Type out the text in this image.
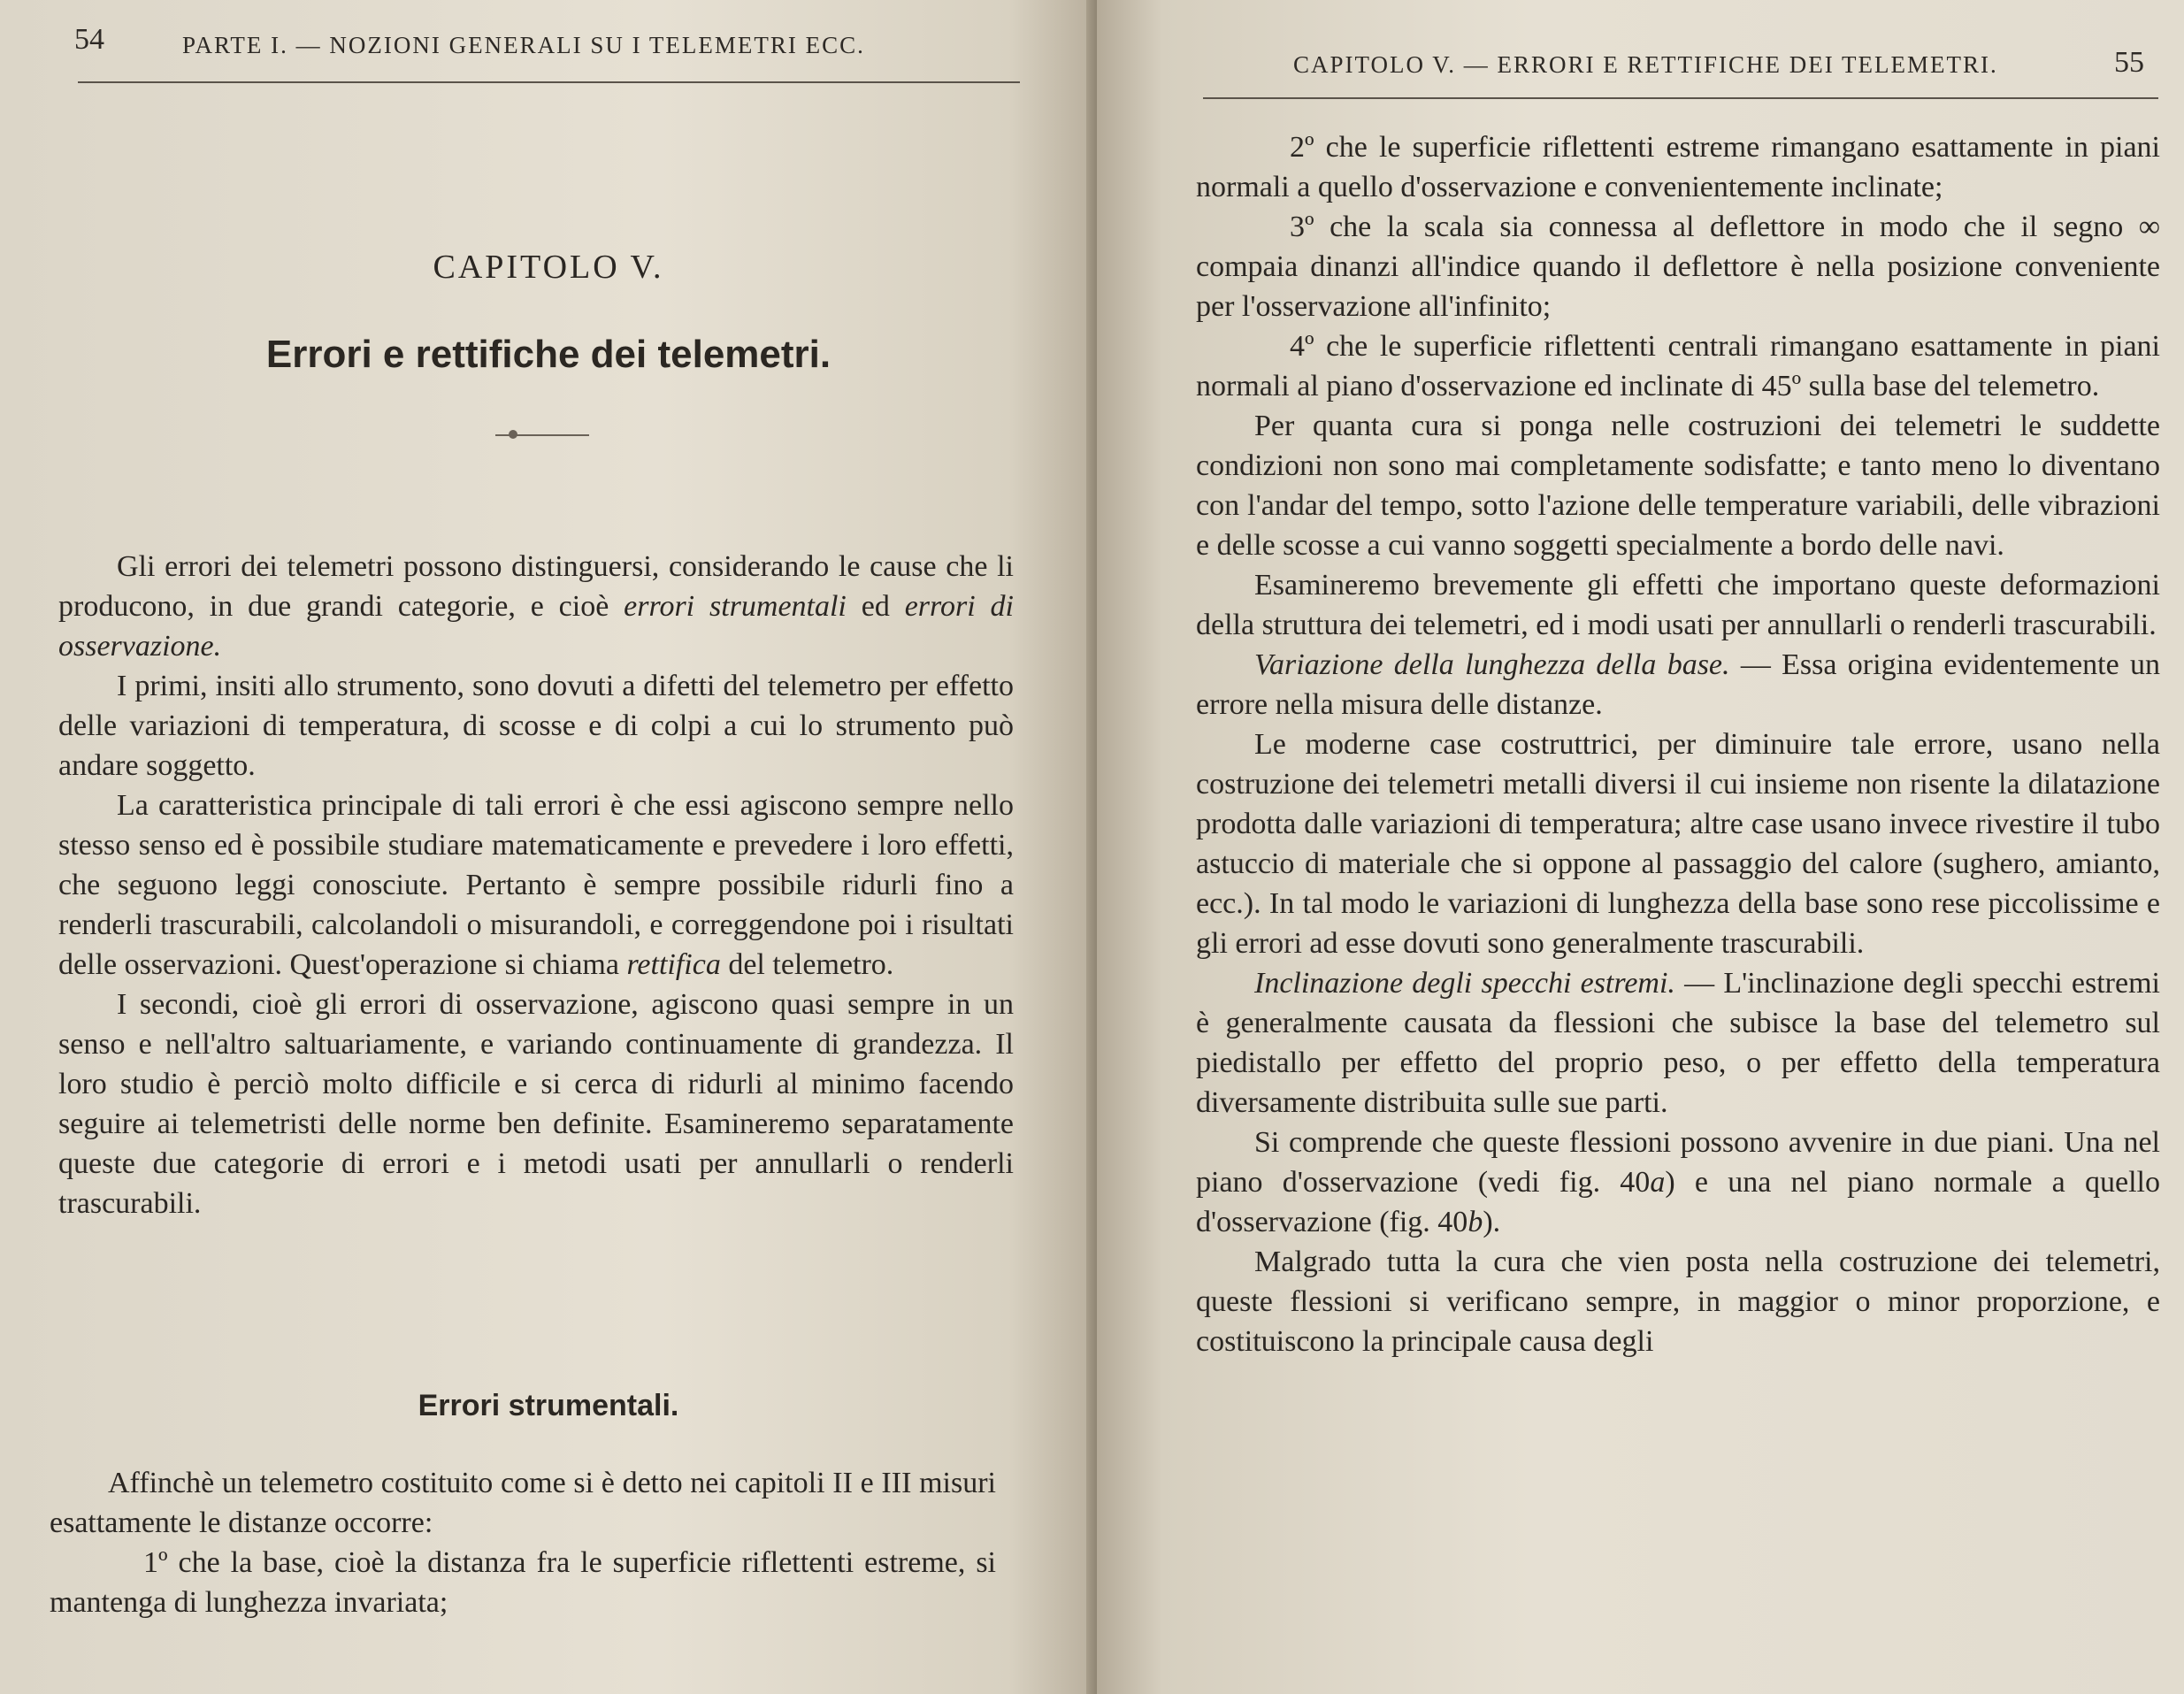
54	PARTE I. — NOZIONI GENERALI SU I TELEMETRI ECC.
CAPITOLO V.
Errori e rettifiche dei telemetri.

Gli errori dei telemetri possono distinguersi, considerando le cause che li producono, in due grandi categorie, e cioè errori strumentali ed errori di osservazione.

I primi, insiti allo strumento, sono dovuti a difetti del telemetro per effetto delle variazioni di temperatura, di scosse e di colpi a cui lo strumento può andare soggetto.

La caratteristica principale di tali errori è che essi agiscono sempre nello stesso senso ed è possibile studiare matematicamente e prevedere i loro effetti, che seguono leggi conosciute. Pertanto è sempre possibile ridurli fino a renderli trascurabili, calcolandoli o misurandoli, e correggendone poi i risultati delle osservazioni. Quest'operazione si chiama rettifica del telemetro.

I secondi, cioè gli errori di osservazione, agiscono quasi sempre in un senso e nell'altro saltuariamente, e variando continuamente di grandezza. Il loro studio è perciò molto difficile e si cerca di ridurli al minimo facendo seguire ai telemetristi delle norme ben definite. Esamineremo separatamente queste due categorie di errori e i metodi usati per annullarli o renderli trascurabili.

Errori strumentali.

Affinchè un telemetro costituito come si è detto nei capitoli II e III misuri esattamente le distanze occorre:

1º che la base, cioè la distanza fra le superficie riflettenti estreme, si mantenga di lunghezza invariata;

CAPITOLO V. — ERRORI E RETTIFICHE DEI TELEMETRI.	55

2º che le superficie riflettenti estreme rimangano esattamente in piani normali a quello d'osservazione e convenientemente inclinate;

3º che la scala sia connessa al deflettore in modo che il segno ∞ compaia dinanzi all'indice quando il deflettore è nella posizione conveniente per l'osservazione all'infinito;

4º che le superficie riflettenti centrali rimangano esattamente in piani normali al piano d'osservazione ed inclinate di 45º sulla base del telemetro.

Per quanta cura si ponga nelle costruzioni dei telemetri le suddette condizioni non sono mai completamente sodisfatte; e tanto meno lo diventano con l'andar del tempo, sotto l'azione delle temperature variabili, delle vibrazioni e delle scosse a cui vanno soggetti specialmente a bordo delle navi.

Esamineremo brevemente gli effetti che importano queste deformazioni della struttura dei telemetri, ed i modi usati per annullarli o renderli trascurabili.

Variazione della lunghezza della base. — Essa origina evidentemente un errore nella misura delle distanze.

Le moderne case costruttrici, per diminuire tale errore, usano nella costruzione dei telemetri metalli diversi il cui insieme non risente la dilatazione prodotta dalle variazioni di temperatura; altre case usano invece rivestire il tubo astuccio di materiale che si oppone al passaggio del calore (sughero, amianto, ecc.). In tal modo le variazioni di lunghezza della base sono rese piccolissime e gli errori ad esse dovuti sono generalmente trascurabili.

Inclinazione degli specchi estremi. — L'inclinazione degli specchi estremi è generalmente causata da flessioni che subisce la base del telemetro sul piedistallo per effetto del proprio peso, o per effetto della temperatura diversamente distribuita sulle sue parti.

Si comprende che queste flessioni possono avvenire in due piani. Una nel piano d'osservazione (vedi fig. 40a) e una nel piano normale a quello d'osservazione (fig. 40b).

Malgrado tutta la cura che vien posta nella costruzione dei telemetri, queste flessioni si verificano sempre, in maggior o minor proporzione, e costituiscono la principale causa degli
